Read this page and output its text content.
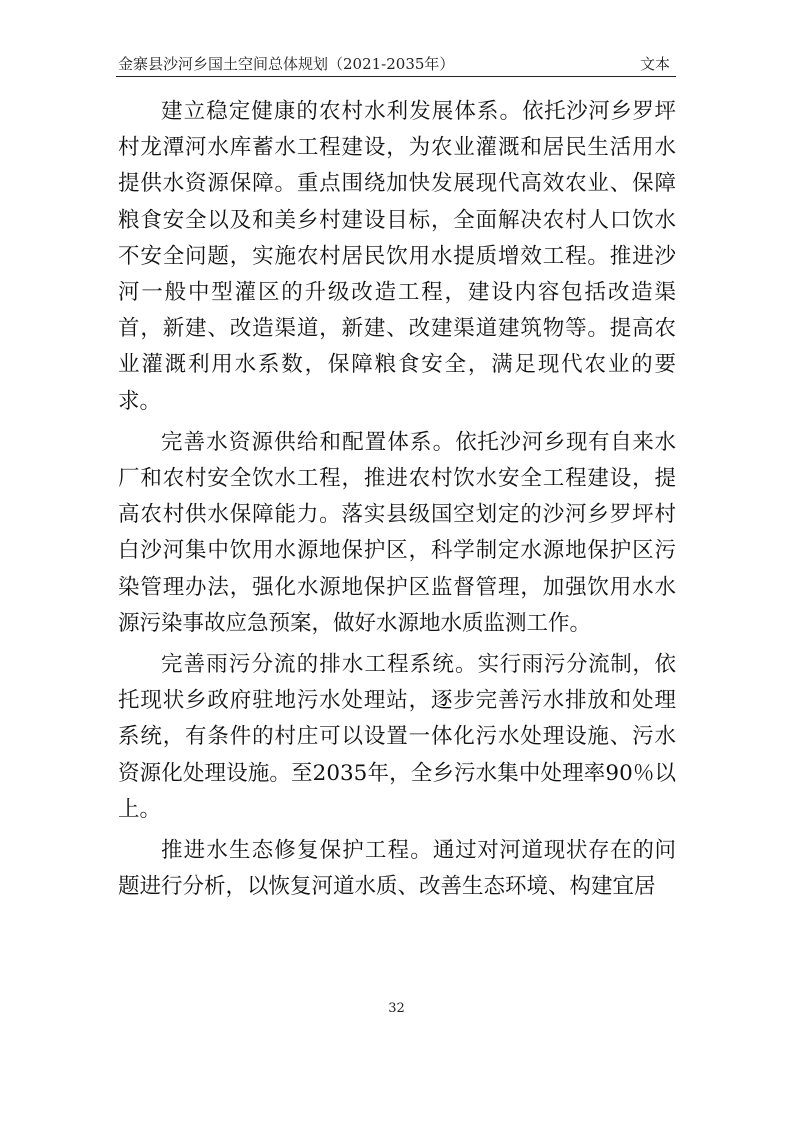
金寨县沙河乡国土空间总体规划（2021-2035年）	文本

建立稳定健康的农村水利发展体系。依托沙河乡罗坪村龙潭河水库蓄水工程建设，为农业灌溉和居民生活用水提供水资源保障。重点围绕加快发展现代高效农业、保障粮食安全以及和美乡村建设目标，全面解决农村人口饮水不安全问题，实施农村居民饮用水提质增效工程。推进沙河一般中型灌区的升级改造工程，建设内容包括改造渠首，新建、改造渠道，新建、改建渠道建筑物等。提高农业灌溉利用水系数，保障粮食安全，满足现代农业的要求。

完善水资源供给和配置体系。依托沙河乡现有自来水厂和农村安全饮水工程，推进农村饮水安全工程建设，提高农村供水保障能力。落实县级国空划定的沙河乡罗坪村白沙河集中饮用水源地保护区，科学制定水源地保护区污染管理办法，强化水源地保护区监督管理，加强饮用水水源污染事故应急预案，做好水源地水质监测工作。

完善雨污分流的排水工程系统。实行雨污分流制，依托现状乡政府驻地污水处理站，逐步完善污水排放和处理系统，有条件的村庄可以设置一体化污水处理设施、污水资源化处理设施。至2035年，全乡污水集中处理率90％以上。

推进水生态修复保护工程。通过对河道现状存在的问题进行分析，以恢复河道水质、改善生态环境、构建宜居

32
